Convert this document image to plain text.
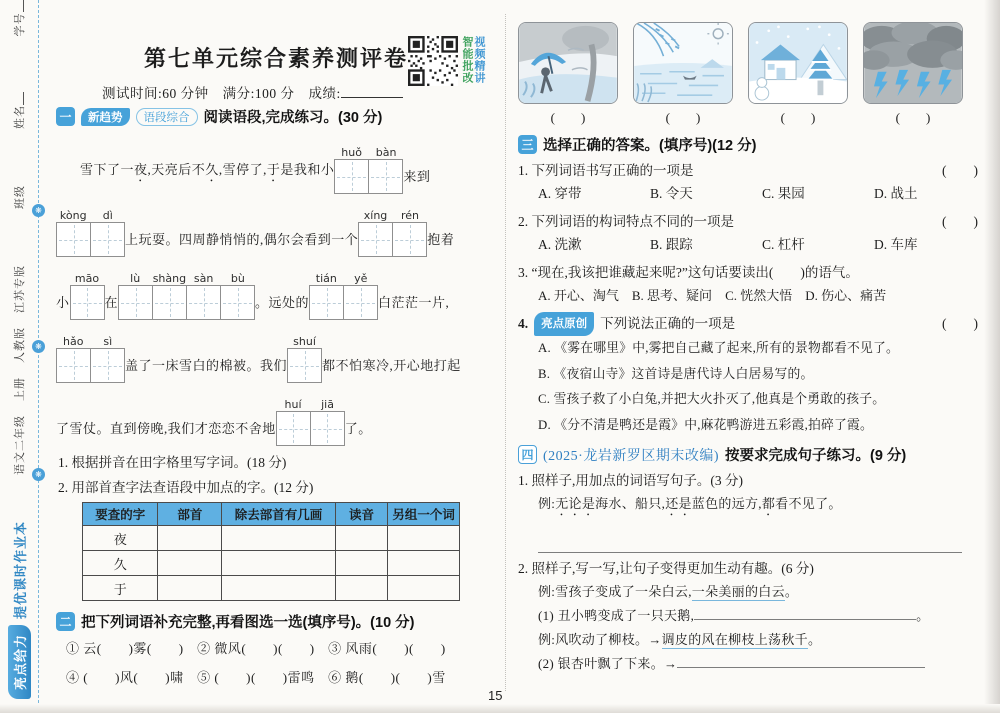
❋
❋
❋
亮点给力
提优课时作业本
语文二年级
上册
人教版
江苏专版
班级
姓名
学号
第七单元综合素养测评卷
测试时间:60 分钟　满分:100 分　成绩:
智能批改 视频精讲
一	新趋势	语段综合 阅读语段,完成练习。(30 分)
雪下了一夜,天亮后不久,雪停了,于是我和小
huǒ	bàn
来到
kòng	dì
上玩耍。四周静悄悄的,偶尔会看到一个
xíng	rén
抱着
小
māo
在
lù	shàng sàn	bù
。远处的
tián	yě
白茫茫一片,
hǎo	sì
盖了一床雪白的棉被。我们
shuí
都不怕寒冷,开心地打起
了雪仗。直到傍晚,我们才恋恋不舍地
huí	jiā
了。
1. 根据拼音在田字格里写字词。(18 分)
2. 用部首查字法查语段中加点的字。(12 分)
要查的字	部首	除去部首有几画	读音	另组一个词
夜				
久				
于				
二 把下列词语补充完整,再看图选一选(填序号)。(10 分)
① 云(　　)雾(　　)　② 微风(　　)(　　)　③ 风雨(　　)(　　)
④ (　　)风(　　)啸　⑤ (　　)(　　)雷鸣　⑥ 鹅(　　)(　　)雪
(　　)	(　　)	(　　)	(　　)
三 选择正确的答案。(填序号)(12 分)
1. 下列词语书写正确的一项是	(　　)
A. 穿带	B. 令天	C. 果园	D. 战土
2. 下列词语的构词特点不同的一项是	(　　)
A. 洗漱	B. 跟踪	C. 杠杆	D. 车库
3. “现在,我该把谁藏起来呢?”这句话要读出(　　)的语气。
A. 开心、淘气 B. 思考、疑问 C. 恍然大悟 D. 伤心、痛苦
4.	亮点原创 下列说法正确的一项是	(　　)
A. 《雾在哪里》中,雾把自己藏了起来,所有的景物都看不见了。
B. 《夜宿山寺》这首诗是唐代诗人白居易写的。
C. 雪孩子救了小白兔,并把大火扑灭了,他真是个勇敢的孩子。
D. 《分不清是鸭还是霞》中,麻花鸭游进五彩霞,拍碎了霞。
四 (2025·龙岩新罗区期末改编) 按要求完成句子练习。(9 分)
1. 照样子,用加点的词语写句子。(3 分)
例:无论是海水、船只,还是蓝色的远方,都看不见了。
2. 照样子,写一写,让句子变得更加生动有趣。(6 分)
例:雪孩子变成了一朵白云,一朵美丽的白云。
(1) 丑小鸭变成了一只天鹅,	。
例:风吹动了柳枝。→调皮的风在柳枝上荡秋千。
(2) 银杏叶飘了下来。→
15
